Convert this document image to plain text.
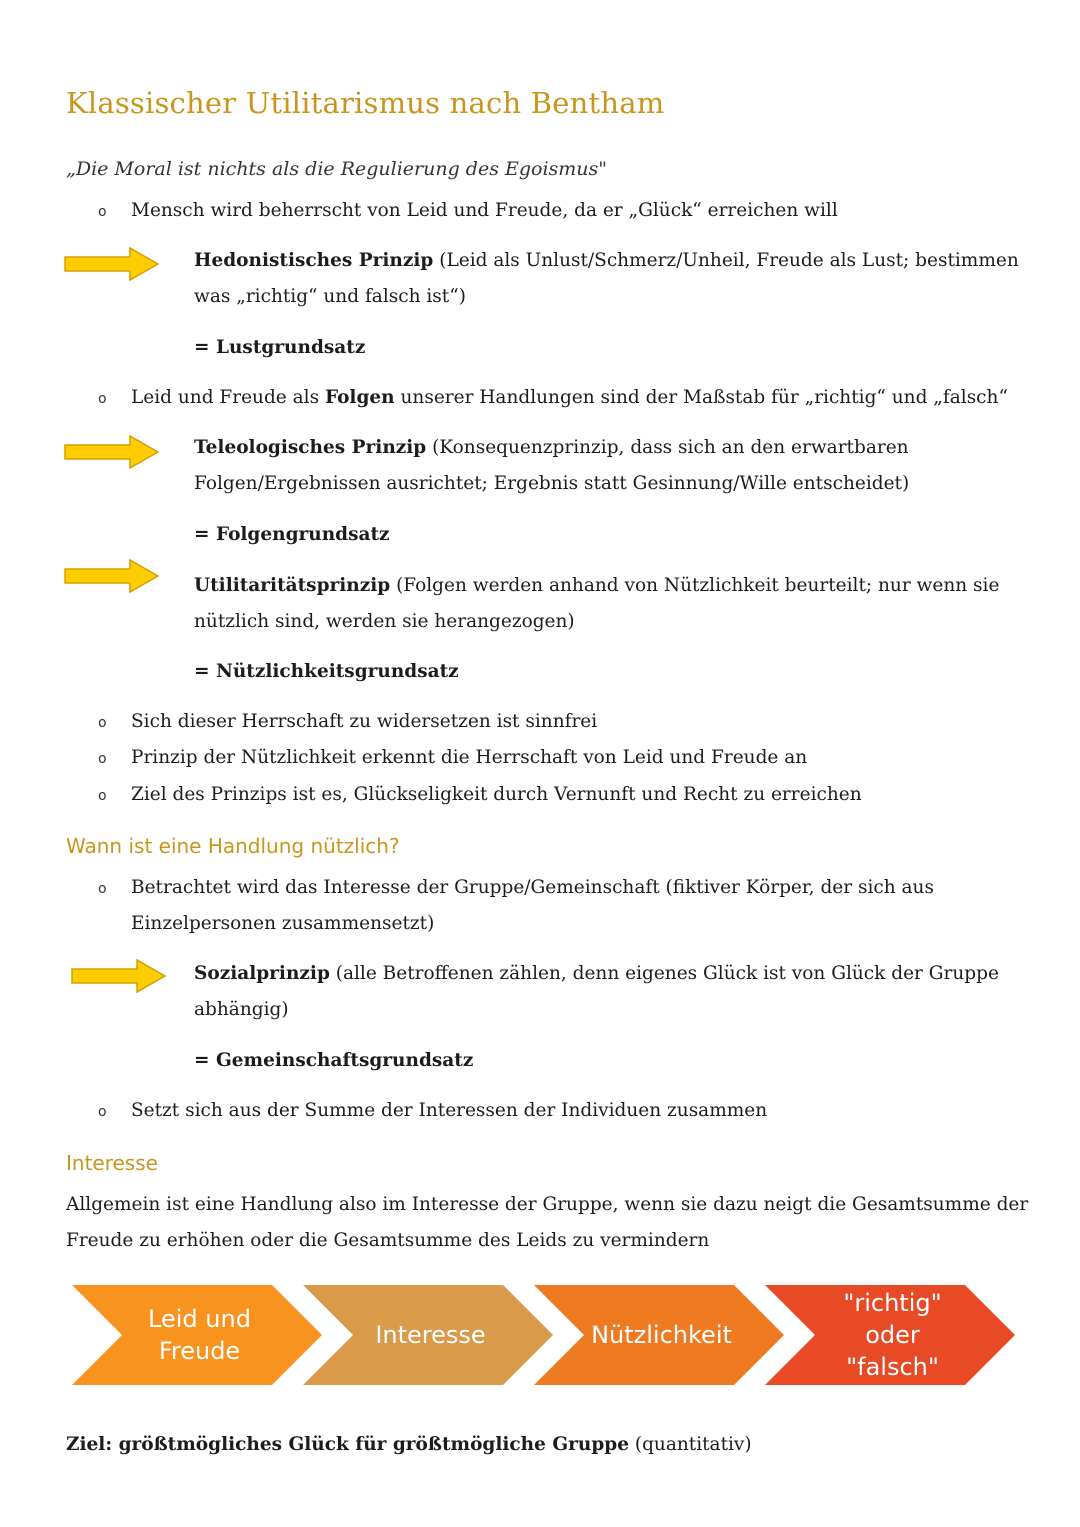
Klassischer Utilitarismus nach Bentham
„Die Moral ist nichts als die Regulierung des Egoismus"
o Mensch wird beherrscht von Leid und Freude, da er „Glück“ erreichen will
Hedonistisches Prinzip (Leid als Unlust/Schmerz/Unheil, Freude als Lust; bestimmen
was „richtig“ und falsch ist“)
= Lustgrundsatz
o Leid und Freude als Folgen unserer Handlungen sind der Maßstab für „richtig“ und „falsch“
Teleologisches Prinzip (Konsequenzprinzip, dass sich an den erwartbaren
Folgen/Ergebnissen ausrichtet; Ergebnis statt Gesinnung/Wille entscheidet)
= Folgengrundsatz
Utilitaritätsprinzip (Folgen werden anhand von Nützlichkeit beurteilt; nur wenn sie
nützlich sind, werden sie herangezogen)
= Nützlichkeitsgrundsatz
o Sich dieser Herrschaft zu widersetzen ist sinnfrei
o Prinzip der Nützlichkeit erkennt die Herrschaft von Leid und Freude an
o Ziel des Prinzips ist es, Glückseligkeit durch Vernunft und Recht zu erreichen
Wann ist eine Handlung nützlich?
o Betrachtet wird das Interesse der Gruppe/Gemeinschaft (fiktiver Körper, der sich aus
Einzelpersonen zusammensetzt)
Sozialprinzip (alle Betroffenen zählen, denn eigenes Glück ist von Glück der Gruppe
abhängig)
= Gemeinschaftsgrundsatz
o Setzt sich aus der Summe der Interessen der Individuen zusammen
Interesse
Allgemein ist eine Handlung also im Interesse der Gruppe, wenn sie dazu neigt die Gesamtsumme der
Freude zu erhöhen oder die Gesamtsumme des Leids zu vermindern
Leid und
Freude
Interesse	Nützlichkeit
"richtig"
oder
"falsch"
Ziel: größtmögliches Glück für größtmögliche Gruppe (quantitativ)
